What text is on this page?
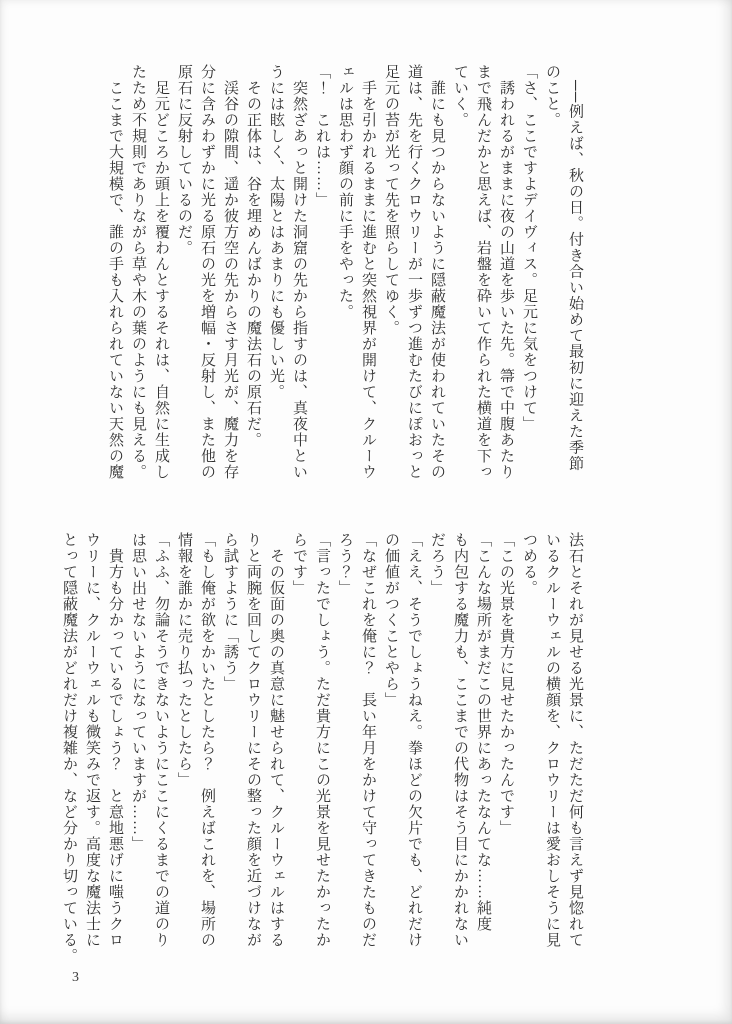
　──例えば、秋の日。付き合い始めて最初に迎えた季節
のこと。
「さ、ここですよデイヴィス。足元に気をつけて」
　誘われるがままに夜の山道を歩いた先。箒で中腹あたり
まで飛んだかと思えば、岩盤を砕いて作られた横道を下っ
ていく。
　誰にも見つからないように隠蔽魔法が使われていたその
道は、先を行くクロウリーが一歩ずつ進むたびにぽおっと
足元の苔が光って先を照らしてゆく。
　手を引かれるままに進むと突然視界が開けて、クルーウ
ェルは思わず顔の前に手をやった。
「！　これは……」
　突然ざあっと開けた洞窟の先から指すのは、真夜中とい
うには眩しく、太陽とはあまりにも優しい光。
　その正体は、谷を埋めんばかりの魔法石の原石だ。
　渓谷の隙間、遥か彼方空の先からさす月光が、魔力を存
分に含みわずかに光る原石の光を増幅・反射し、また他の
原石に反射しているのだ。
　足元どころか頭上を覆わんとするそれは、自然に生成し
たため不規則でありながら草や木の葉のようにも見える。
　ここまで大規模で、誰の手も入れられていない天然の魔
法石とそれが見せる光景に、ただただ何も言えず見惚れて
いるクルーウェルの横顔を、クロウリーは愛おしそうに見
つめる。
「この光景を貴方に見せたかったんです」
「こんな場所がまだこの世界にあったなんてな……純度
も内包する魔力も、ここまでの代物はそう目にかかれない
だろう」
「ええ、そうでしょうねえ。拳ほどの欠片でも、どれだけ
の価値がつくことやら」
「なぜこれを俺に？　長い年月をかけて守ってきたものだ
ろう？」
「言ったでしょう。ただ貴方にこの光景を見せたかったか
らです」
　その仮面の奥の真意に魅せられて、クルーウェルはする
りと両腕を回してクロウリーにその整った顔を近づけなが
ら試すように「誘う」
「もし俺が欲をかいたとしたら？　例えばこれを、場所の
情報を誰かに売り払ったとしたら」
「ふふ、勿論そうできないようにここにくるまでの道のり
は思い出せないようになっていますが……」
　貴方も分かっているでしょう？　と意地悪げに嗤うクロ
ウリーに、クルーウェルも微笑みで返す。高度な魔法士に
とって隠蔽魔法がどれだけ複雑か、など分かり切っている。
3
